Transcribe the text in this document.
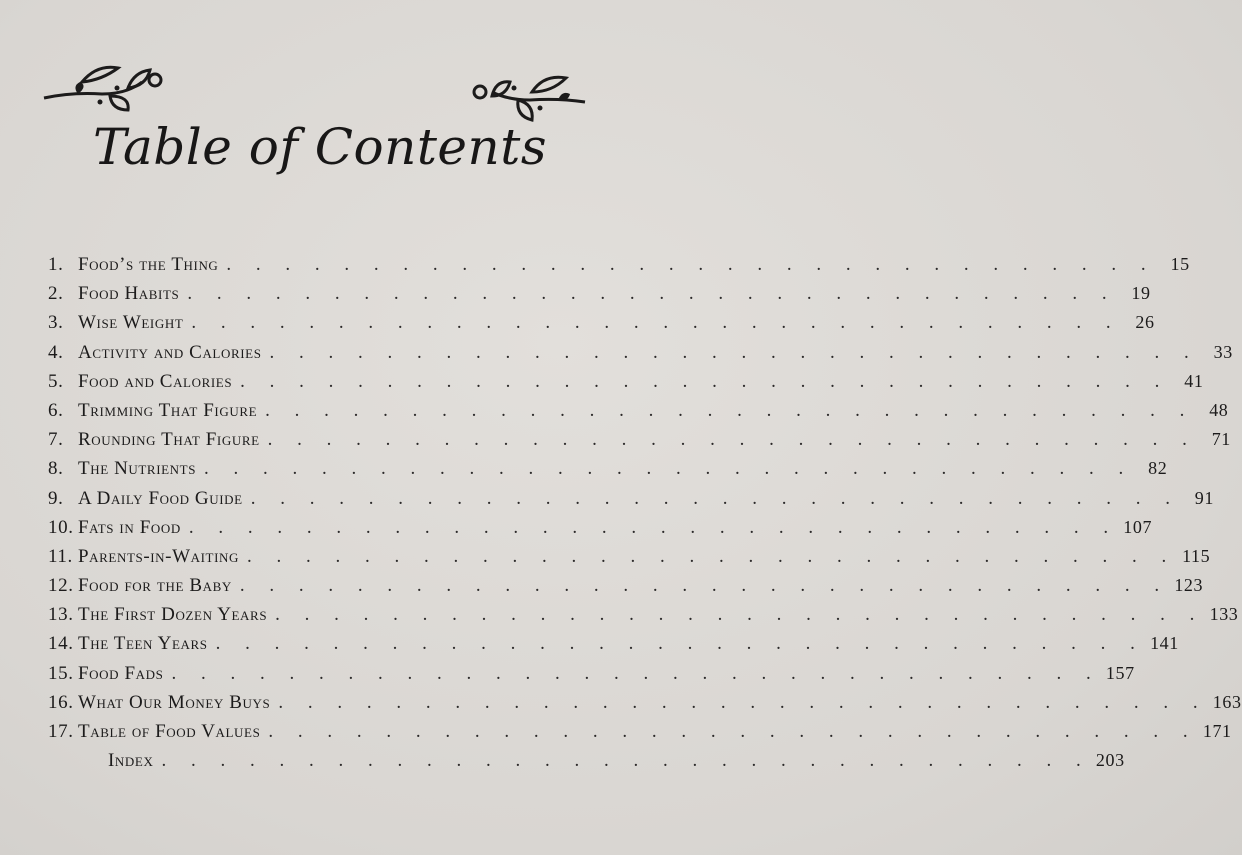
Table of Contents
1. Food’s the Thing . . . . . . . . . . . . . . . . . . . . . . . . . . . . . . . . 15
2. Food Habits . . . . . . . . . . . . . . . . . . . . . . . . . . . . . . . . 19
3. Wise Weight . . . . . . . . . . . . . . . . . . . . . . . . . . . . . . . . 26
4. Activity and Calories . . . . . . . . . . . . . . . . . . . . . . . . . . . . . . . . 33
5. Food and Calories . . . . . . . . . . . . . . . . . . . . . . . . . . . . . . . . 41
6. Trimming That Figure . . . . . . . . . . . . . . . . . . . . . . . . . . . . . . . . 48
7. Rounding That Figure . . . . . . . . . . . . . . . . . . . . . . . . . . . . . . . . 71
8. The Nutrients . . . . . . . . . . . . . . . . . . . . . . . . . . . . . . . . 82
9. A Daily Food Guide . . . . . . . . . . . . . . . . . . . . . . . . . . . . . . . . 91
10. Fats in Food . . . . . . . . . . . . . . . . . . . . . . . . . . . . . . . . 107
11. Parents-in-Waiting . . . . . . . . . . . . . . . . . . . . . . . . . . . . . . . . 115
12. Food for the Baby . . . . . . . . . . . . . . . . . . . . . . . . . . . . . . . . 123
13. The First Dozen Years . . . . . . . . . . . . . . . . . . . . . . . . . . . . . . . . 133
14. The Teen Years . . . . . . . . . . . . . . . . . . . . . . . . . . . . . . . . 141
15. Food Fads . . . . . . . . . . . . . . . . . . . . . . . . . . . . . . . . 157
16. What Our Money Buys . . . . . . . . . . . . . . . . . . . . . . . . . . . . . . . . 163
17. Table of Food Values . . . . . . . . . . . . . . . . . . . . . . . . . . . . . . . . 171
Index . . . . . . . . . . . . . . . . . . . . . . . . . . . . . . . . 203
